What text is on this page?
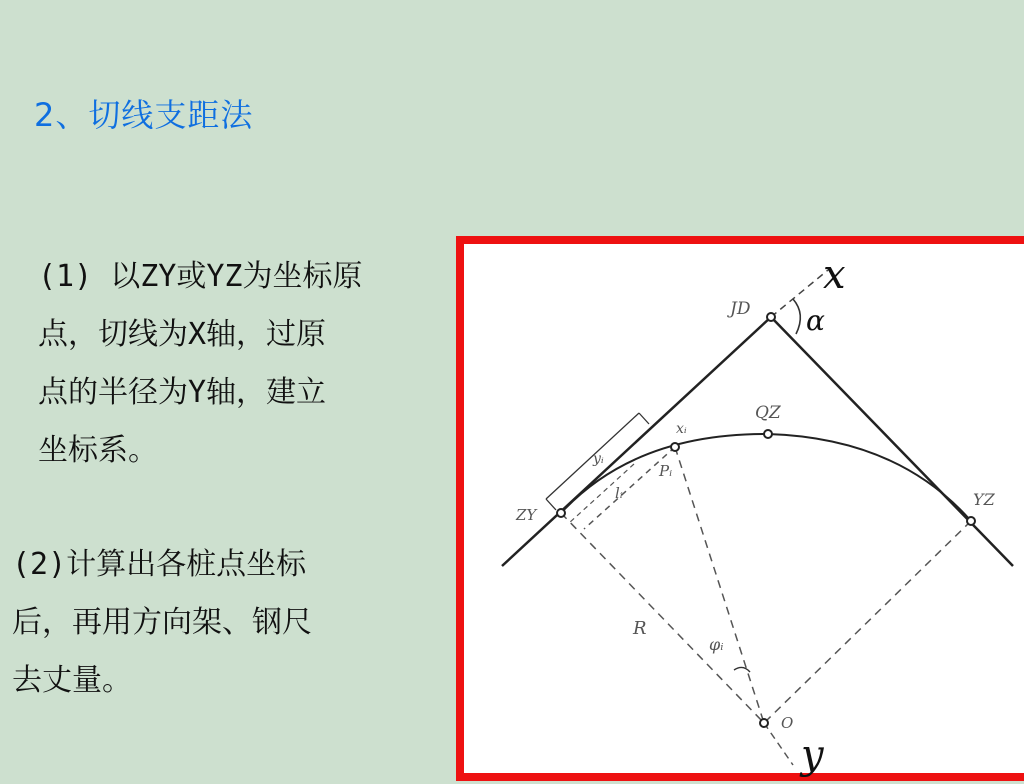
2、切线支距法
(1) 以ZY或YZ为坐标原
点，切线为X轴，过原
点的半径为Y轴，建立
坐标系。
(2)计算出各桩点坐标
后，再用方向架、钢尺
去丈量。
x
y
JD α
QZ
ZY
YZ
xᵢ
Pᵢ
lᵢ
yᵢ
R
φᵢ
O
